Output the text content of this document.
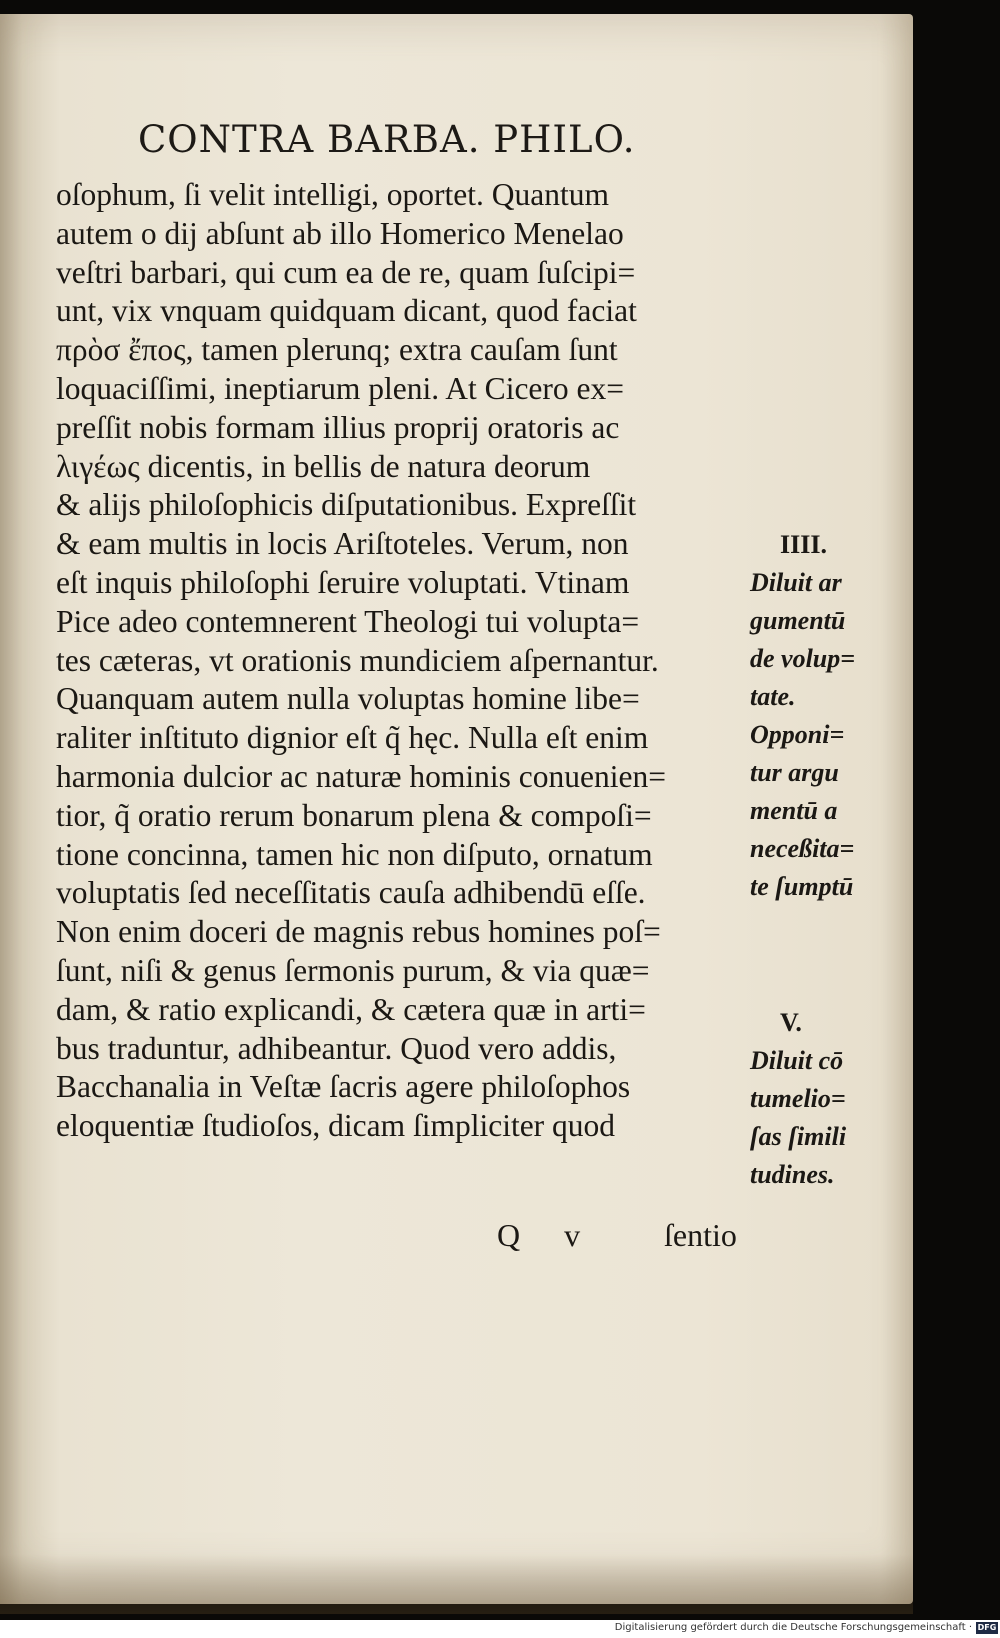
CONTRA BARBA. PHILO.
oſophum, ſi velit intelligi, oportet. Quantum
autem o dij abſunt ab illo Homerico Menelao
veſtri barbari, qui cum ea de re, quam ſuſcipi=
unt, vix vnquam quidquam dicant, quod faciat
πρὸσ ἔπος, tamen plerunq; extra cauſam ſunt
loquaciſſimi, ineptiarum pleni. At Cicero ex=
preſſit nobis formam illius proprij oratoris ac
λιγέως dicentis, in bellis de natura deorum
& alijs philoſophicis diſputationibus. Expreſſit
& eam multis in locis Ariſtoteles. Verum, non
eſt inquis philoſophi ſeruire voluptati. Vtinam
Pice adeo contemnerent Theologi tui volupta=
tes cæteras, vt orationis mundiciem aſpernantur.
Quanquam autem nulla voluptas homine libe=
raliter inſtituto dignior eſt q̃ hęc. Nulla eſt enim
harmonia dulcior ac naturæ hominis conuenien=
tior, q̃ oratio rerum bonarum plena & compoſi=
tione concinna, tamen hic non diſputo, ornatum
voluptatis ſed neceſſitatis cauſa adhibendū eſſe.
Non enim doceri de magnis rebus homines poſ=
ſunt, niſi & genus ſermonis purum, & via quæ=
dam, & ratio explicandi, & cætera quæ in arti=
bus traduntur, adhibeantur. Quod vero addis,
Bacchanalia in Veſtæ ſacris agere philoſophos
eloquentiæ ſtudioſos, dicam ſimpliciter quod
Q v ſentio
IIII.
Diluit ar
gumentū
de volup=
tate.
Opponi=
tur argu
mentū a
neceßita=
te ſumptū
V.
Diluit cō
tumelio=
ſas ſimili
tudines.
Digitalisierung gefördert durch die Deutsche Forschungsgemeinschaft · DFG
